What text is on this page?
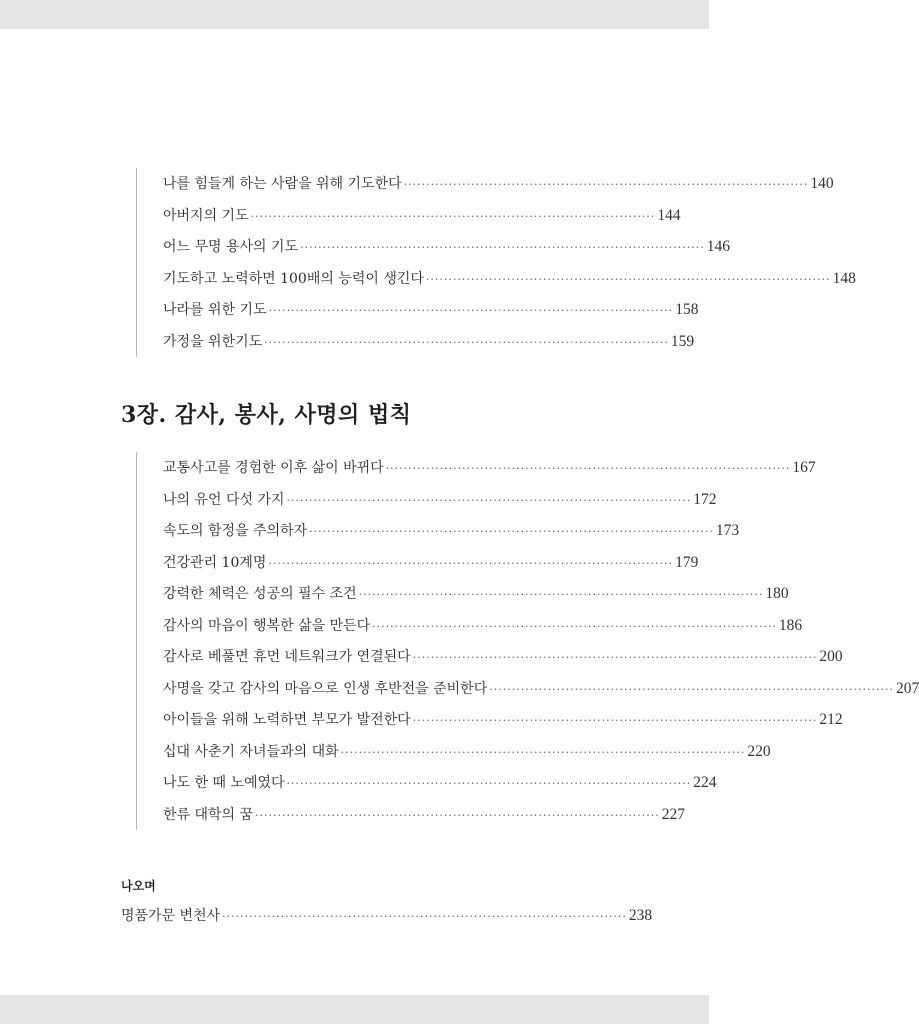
나를 힘들게 하는 사람을 위해 기도한다 ·························································································· 140
아버지의 기도 ·························································································· 144
어느 무명 용사의 기도 ·························································································· 146
기도하고 노력하면 100배의 능력이 생긴다 ·························································································· 148
나라를 위한 기도 ·························································································· 158
가정을 위한기도 ·························································································· 159
3장. 감사, 봉사, 사명의 법칙
교통사고를 경험한 이후 삶이 바뀌다 ·························································································· 167
나의 유언 다섯 가지 ·························································································· 172
속도의 함정을 주의하자 ·························································································· 173
건강관리 10계명 ·························································································· 179
강력한 체력은 성공의 필수 조건 ·························································································· 180
감사의 마음이 행복한 삶을 만든다 ·························································································· 186
감사로 베풀면 휴먼 네트워크가 연결된다 ·························································································· 200
사명을 갖고 감사의 마음으로 인생 후반전을 준비한다 ·························································································· 207
아이들을 위해 노력하면 부모가 발전한다 ·························································································· 212
십대 사춘기 자녀들과의 대화 ·························································································· 220
나도 한 때 노예였다 ·························································································· 224
한류 대학의 꿈 ·························································································· 227
나오며
명품가문 변천사 ·························································································· 238
